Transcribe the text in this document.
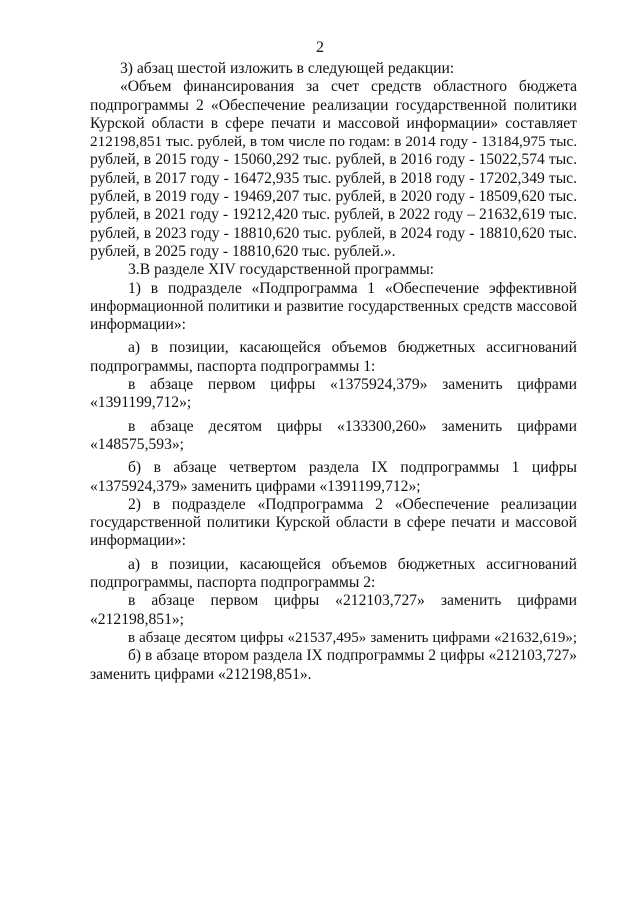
2
3) абзац шестой изложить в следующей редакции:
«Объем финансирования за счет средств областного бюджета
подпрограммы 2 «Обеспечение реализации государственной политики
Курской области в сфере печати и массовой информации» составляет
212198,851 тыс. рублей, в том числе по годам: в 2014 году - 13184,975 тыс.
рублей, в 2015 году - 15060,292 тыс. рублей, в 2016 году - 15022,574 тыс.
рублей, в 2017 году - 16472,935 тыс. рублей, в 2018 году - 17202,349 тыс.
рублей, в 2019 году - 19469,207 тыс. рублей, в 2020 году - 18509,620 тыс.
рублей, в 2021 году - 19212,420 тыс. рублей, в 2022 году – 21632,619 тыс.
рублей, в 2023 году - 18810,620 тыс. рублей, в 2024 году - 18810,620 тыс.
рублей, в 2025 году - 18810,620 тыс. рублей.».
3.В разделе XIV государственной программы:
1) в подразделе «Подпрограмма 1 «Обеспечение эффективной
информационной политики и развитие государственных средств массовой
информации»:
а) в позиции, касающейся объемов бюджетных ассигнований
подпрограммы, паспорта подпрограммы 1:
в абзаце первом цифры «1375924,379» заменить цифрами
«1391199,712»;
в абзаце десятом цифры «133300,260» заменить цифрами
«148575,593»;
б) в абзаце четвертом раздела IX подпрограммы 1 цифры
«1375924,379» заменить цифрами «1391199,712»;
2) в подразделе «Подпрограмма 2 «Обеспечение реализации
государственной политики Курской области в сфере печати и массовой
информации»:
а) в позиции, касающейся объемов бюджетных ассигнований
подпрограммы, паспорта подпрограммы 2:
в абзаце первом цифры «212103,727» заменить цифрами
«212198,851»;
в абзаце десятом цифры «21537,495» заменить цифрами «21632,619»;
б) в абзаце втором раздела IX подпрограммы 2 цифры «212103,727»
заменить цифрами «212198,851».
